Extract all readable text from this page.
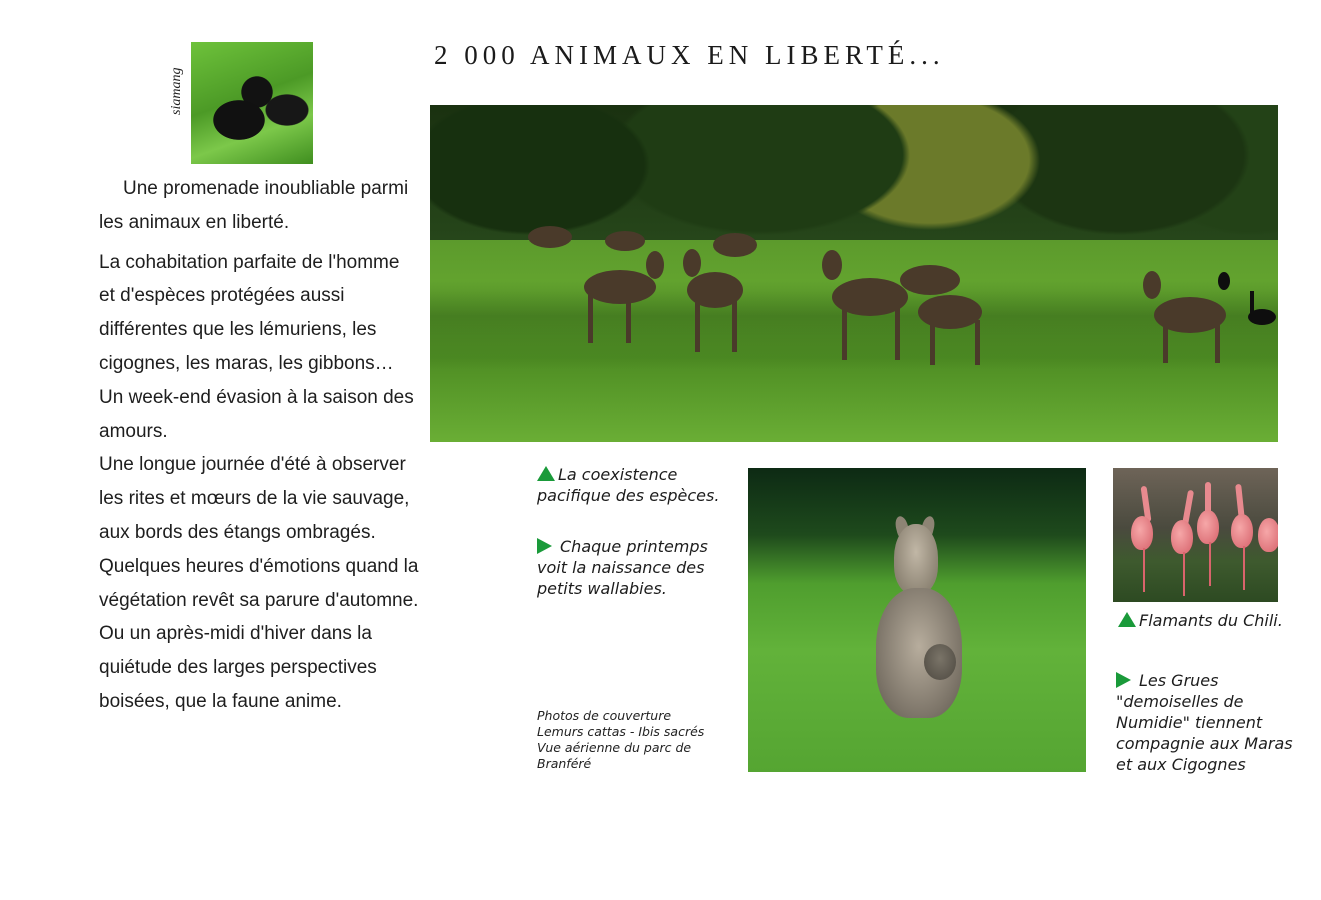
2 000 ANIMAUX EN LIBERTÉ...
siamang

Une promenade inoubliable parmi les animaux en liberté.

La cohabitation parfaite de l'homme et d'espèces protégées aussi différentes que les lémuriens, les cigognes, les maras, les gibbons…

Un week-end évasion à la saison des amours.

Une longue journée d'été à observer les rites et mœurs de la vie sauvage, aux bords des étangs ombragés.

Quelques heures d'émotions quand la végétation revêt sa parure d'automne.

Ou un après-midi d'hiver dans la quiétude des larges perspectives boisées, que la faune anime.

La coexistence pacifique des espèces.
Chaque printemps voit la naissance des petits wallabies.
Photos de couverture
Lemurs cattas - Ibis sacrés
Vue aérienne du parc de
Branféré
Flamants du Chili.
Les Grues "demoiselles de Numidie" tiennent compagnie aux Maras et aux Cigognes
